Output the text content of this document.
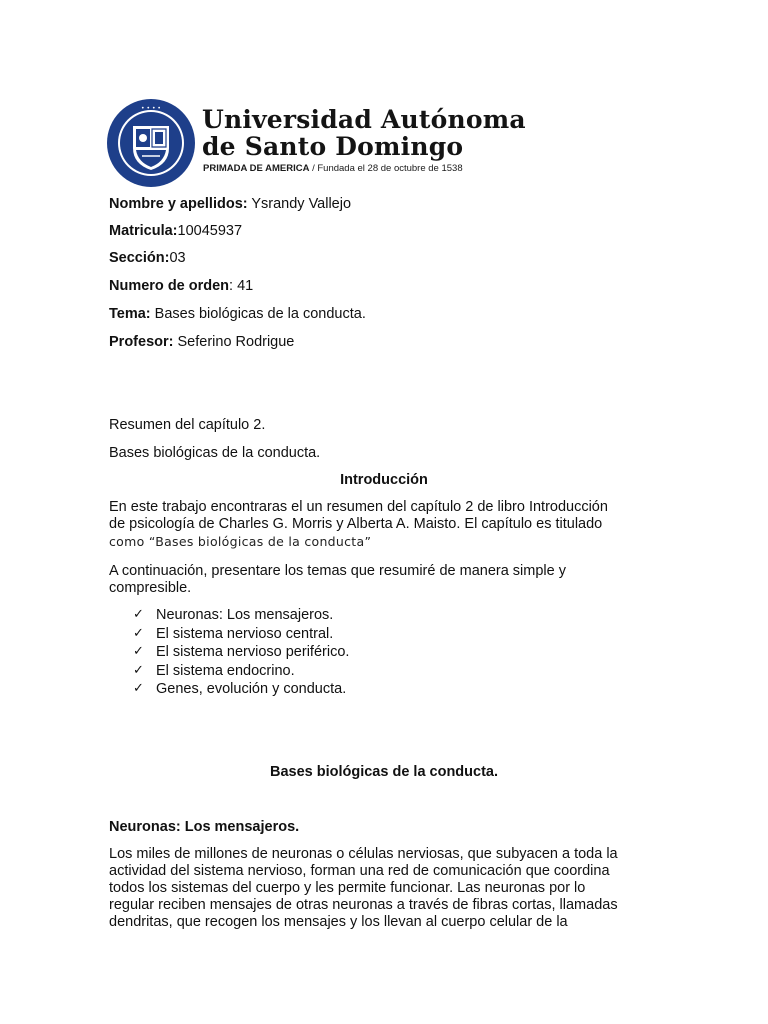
• • • • Universidad Autónoma
de Santo Domingo
PRIMADA DE AMERICA / Fundada el 28 de octubre de 1538
Nombre y apellidos: Ysrandy Vallejo
Matricula:10045937
Sección:03
Numero de orden: 41
Tema: Bases biológicas de la conducta.
Profesor: Seferino Rodrigue
Resumen del capítulo 2.
Bases biológicas de la conducta.
Introducción
En este trabajo encontraras el un resumen del capítulo 2 de libro Introducción
de psicología de Charles G. Morris y Alberta A. Maisto. El capítulo es titulado
como “Bases biológicas de la conducta”
A continuación, presentare los temas que resumiré de manera simple y
compresible.
✓ Neuronas: Los mensajeros.
✓ El sistema nervioso central.
✓ El sistema nervioso periférico.
✓ El sistema endocrino.
✓ Genes, evolución y conducta.
Bases biológicas de la conducta.
Neuronas: Los mensajeros.
Los miles de millones de neuronas o células nerviosas, que subyacen a toda la
actividad del sistema nervioso, forman una red de comunicación que coordina
todos los sistemas del cuerpo y les permite funcionar. Las neuronas por lo
regular reciben mensajes de otras neuronas a través de fibras cortas, llamadas
dendritas, que recogen los mensajes y los llevan al cuerpo celular de la
